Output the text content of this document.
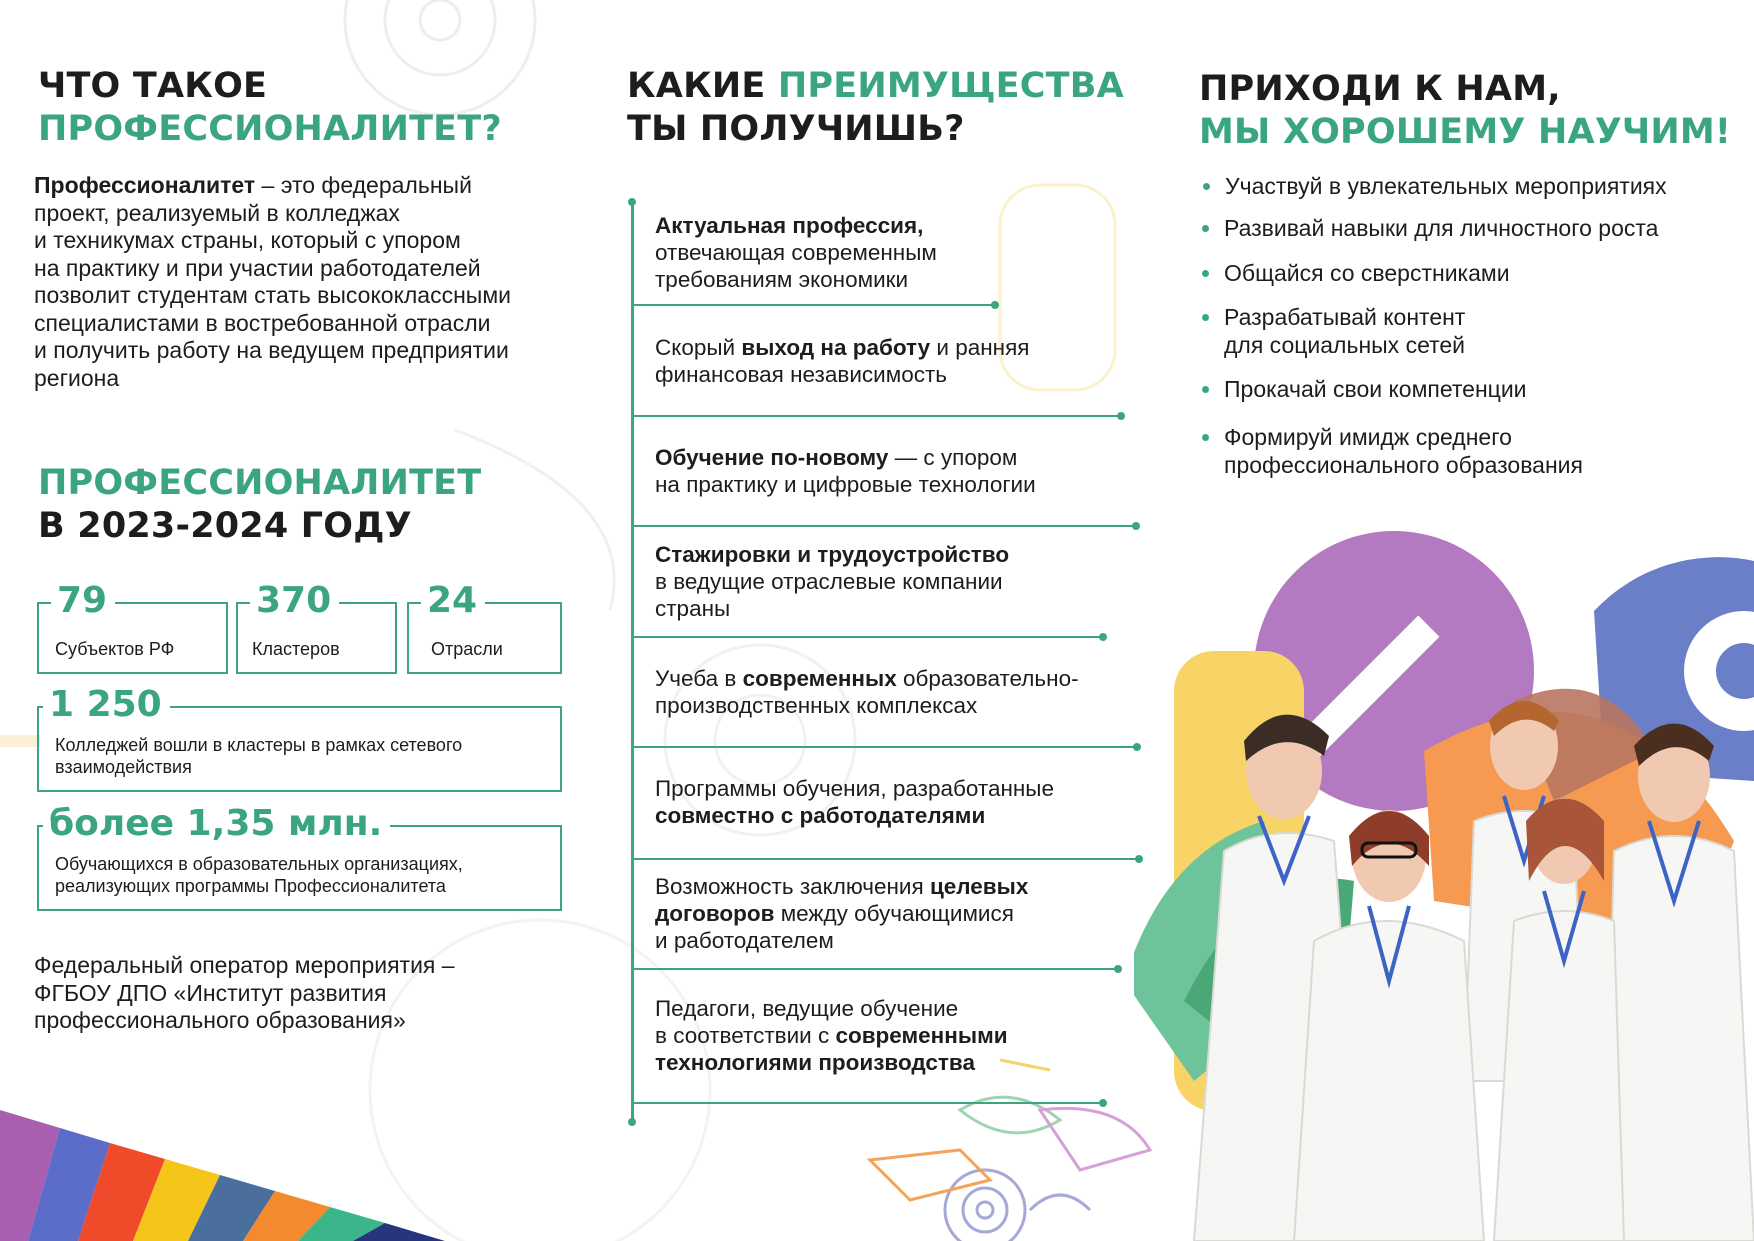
ЧТО ТАКОЕ
ПРОФЕССИОНАЛИТЕТ?
Профессионалитет – это федеральный
проект, реализуемый в колледжах
и техникумах страны, который с упором
на практику и при участии работодателей
позволит студентам стать высококлассными
специалистами в востребованной отрасли
и получить работу на ведущем предприятии
региона
ПРОФЕССИОНАЛИТЕТ
В 2023-2024 ГОДУ
79
Субъектов РФ
370
Кластеров
24
Отрасли
1 250
Колледжей вошли в кластеры в рамках сетевого
взаимодействия
более 1,35 млн.
Обучающихся в образовательных организациях,
реализующих программы Профессионалитета
Федеральный оператор мероприятия –
ФГБОУ ДПО «Институт развития
профессионального образования»
КАКИЕ ПРЕИМУЩЕСТВА
ТЫ ПОЛУЧИШЬ?
Актуальная профессия,
отвечающая современным
требованиям экономики
Скорый выход на работу и ранняя
финансовая независимость
Обучение по-новому — с упором
на практику и цифровые технологии
Стажировки и трудоустройство
в ведущие отраслевые компании
страны
Учеба в современных образовательно-
производственных комплексах
Программы обучения, разработанные
совместно с работодателями
Возможность заключения целевых
договоров между обучающимися
и работодателем
Педагоги, ведущие обучение
в соответствии с современными
технологиями производства
ПРИХОДИ К НАМ,
МЫ ХОРОШЕМУ НАУЧИМ!
Участвуй в увлекательных мероприятиях
Развивай навыки для личностного роста
Общайся со сверстниками
Разрабатывай контент
для социальных сетей
Прокачай свои компетенции
Формируй имидж среднего
профессионального образования
